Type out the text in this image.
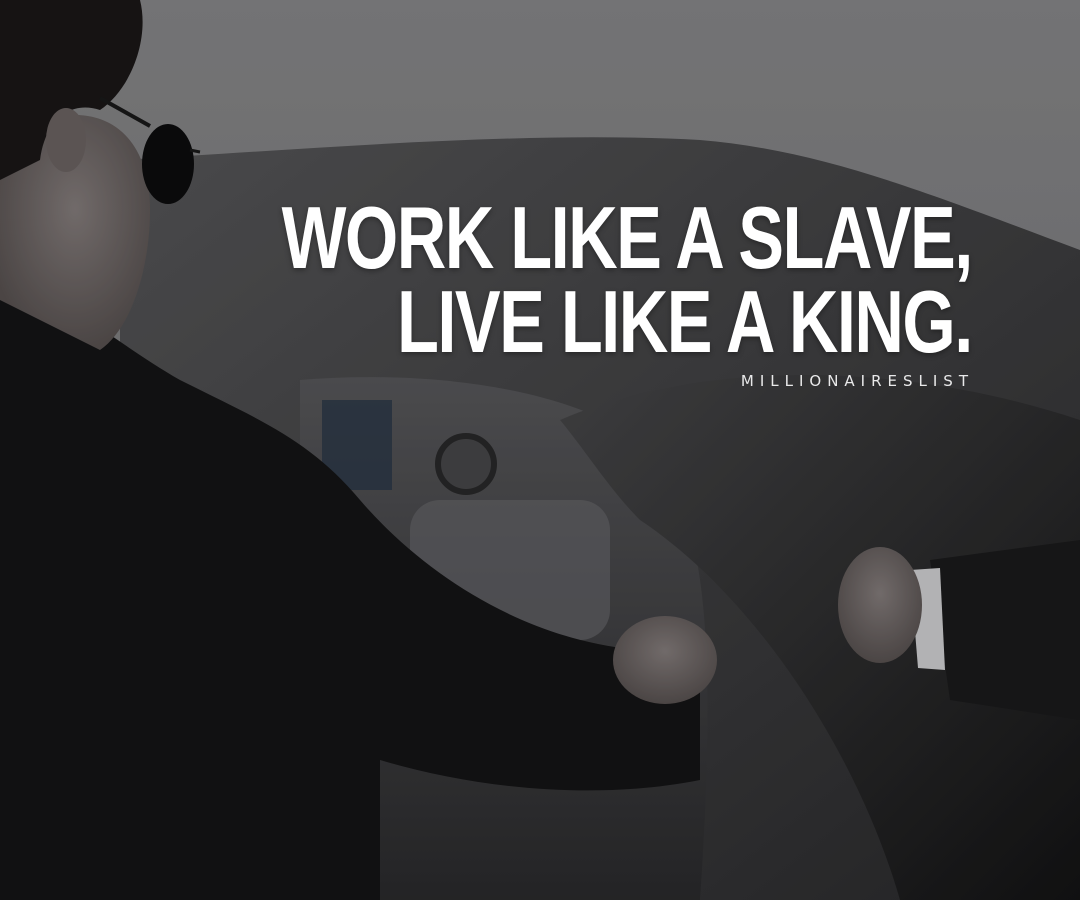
WORK LIKE A SLAVE,
LIVE LIKE A KING.
MILLIONAIRESLIST
